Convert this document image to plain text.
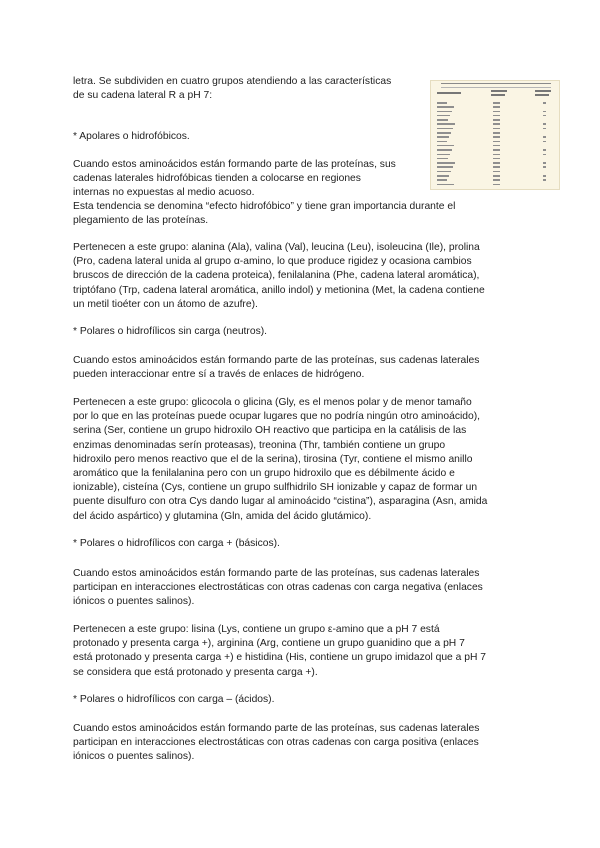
letra. Se subdividen en cuatro grupos atendiendo a las características

de su cadena lateral R a pH 7:

* Apolares o hidrofóbicos.

Cuando estos aminoácidos están formando parte de las proteínas, sus

cadenas laterales hidrofóbicas tienden a colocarse en regiones

internas no expuestas al medio acuoso.

Esta tendencia se denomina “efecto hidrofóbico” y tiene gran importancia durante el

plegamiento de las proteínas.

Pertenecen a este grupo: alanina (Ala), valina (Val), leucina (Leu), isoleucina (Ile), prolina

(Pro, cadena lateral unida al grupo α-amino, lo que produce rigidez y ocasiona cambios

bruscos de dirección de la cadena proteica), fenilalanina (Phe, cadena lateral aromática),

triptófano (Trp, cadena lateral aromática, anillo indol) y metionina (Met, la cadena contiene

un metil tioéter con un átomo de azufre).

* Polares o hidrofílicos sin carga (neutros).

Cuando estos aminoácidos están formando parte de las proteínas, sus cadenas laterales

pueden interaccionar entre sí a través de enlaces de hidrógeno.

Pertenecen a este grupo: glicocola o glicina (Gly, es el menos polar y de menor tamaño

por lo que en las proteínas puede ocupar lugares que no podría ningún otro aminoácido),

serina (Ser, contiene un grupo hidroxilo OH reactivo que participa en la catálisis de las

enzimas denominadas serín proteasas), treonina (Thr, también contiene un grupo

hidroxilo pero menos reactivo que el de la serina), tirosina (Tyr, contiene el mismo anillo

aromático que la fenilalanina pero con un grupo hidroxilo que es débilmente ácido e

ionizable), cisteína (Cys, contiene un grupo sulfhidrilo SH ionizable y capaz de formar un

puente disulfuro con otra Cys dando lugar al aminoácido “cistina”), asparagina (Asn, amida

del ácido aspártico) y glutamina (Gln, amida del ácido glutámico).

* Polares o hidrofílicos con carga + (básicos).

Cuando estos aminoácidos están formando parte de las proteínas, sus cadenas laterales

participan en interacciones electrostáticas con otras cadenas con carga negativa (enlaces

iónicos o puentes salinos).

Pertenecen a este grupo: lisina (Lys, contiene un grupo ε-amino que a pH 7 está

protonado y presenta carga +), arginina (Arg, contiene un grupo guanidino que a pH 7

está protonado y presenta carga +) e histidina (His, contiene un grupo imidazol que a pH 7

se considera que está protonado y presenta carga +).

* Polares o hidrofílicos con carga – (ácidos).

Cuando estos aminoácidos están formando parte de las proteínas, sus cadenas laterales

participan en interacciones electrostáticas con otras cadenas con carga positiva (enlaces

iónicos o puentes salinos).
